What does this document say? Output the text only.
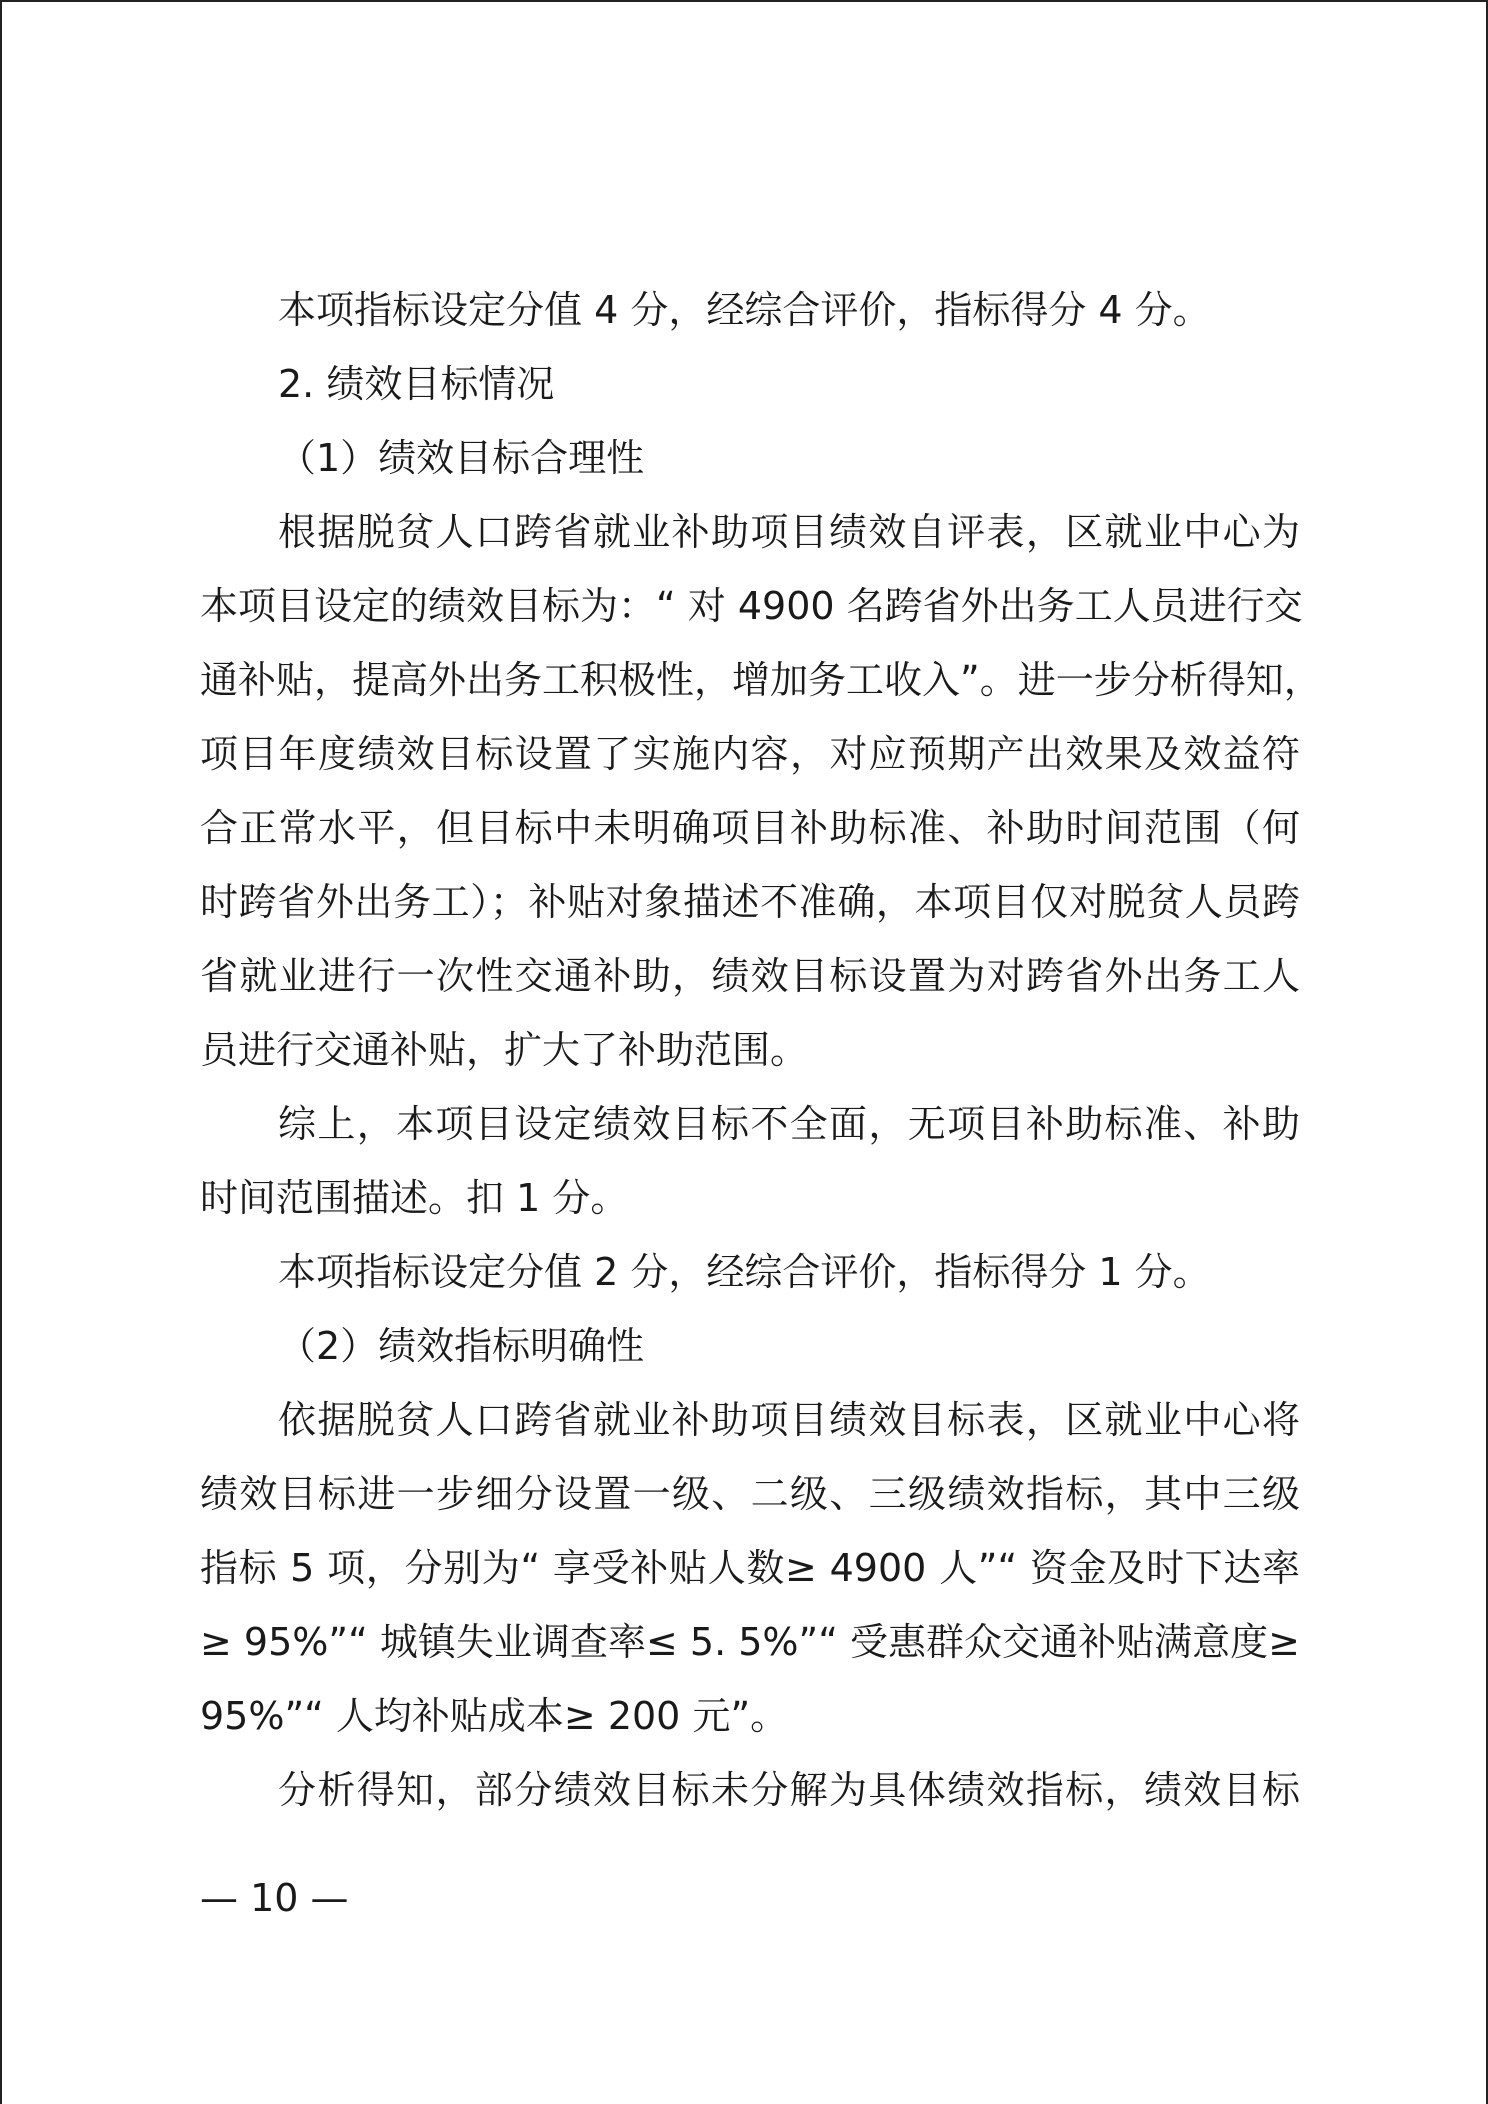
本项指标设定分值 4 分，经综合评价，指标得分 4 分。
2. 绩效目标情况
（1）绩效目标合理性
根据脱贫人口跨省就业补助项目绩效自评表，区就业中心为
本项目设定的绩效目标为：“ 对 4900 名跨省外出务工人员进行交
通补贴，提高外出务工积极性，增加务工收入”。进一步分析得知，
项目年度绩效目标设置了实施内容，对应预期产出效果及效益符
合正常水平，但目标中未明确项目补助标准、补助时间范围（何
时跨省外出务工）；补贴对象描述不准确，本项目仅对脱贫人员跨
省就业进行一次性交通补助，绩效目标设置为对跨省外出务工人
员进行交通补贴，扩大了补助范围。
综上，本项目设定绩效目标不全面，无项目补助标准、补助
时间范围描述。扣 1 分。
本项指标设定分值 2 分，经综合评价，指标得分 1 分。
（2）绩效指标明确性
依据脱贫人口跨省就业补助项目绩效目标表，区就业中心将
绩效目标进一步细分设置一级、二级、三级绩效指标，其中三级
指标 5 项，分别为“ 享受补贴人数≥ 4900 人”“ 资金及时下达率
≥ 95%”“ 城镇失业调查率≤ 5. 5%”“ 受惠群众交通补贴满意度≥
95%”“ 人均补贴成本≥ 200 元”。
分析得知，部分绩效目标未分解为具体绩效指标，绩效目标
— 10 —
